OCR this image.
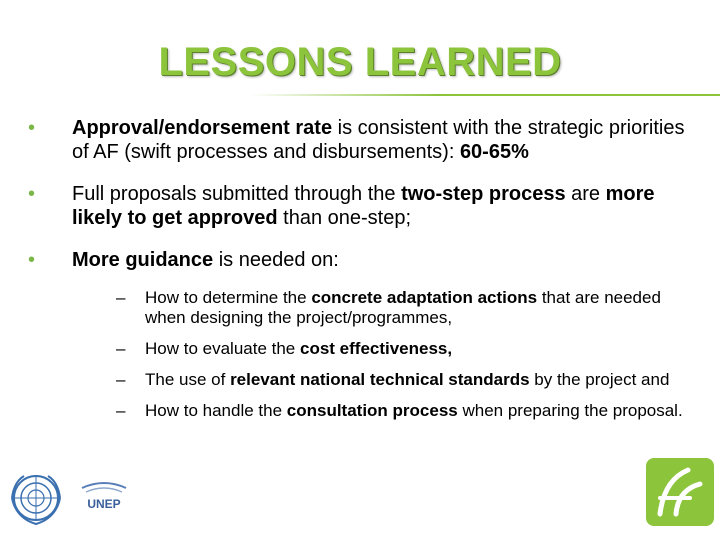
LESSONS LEARNED
• Approval/endorsement rate is consistent with the strategic priorities of AF (swift processes and disbursements): 60-65%
• Full proposals submitted through the two-step process are more likely to get approved than one-step;
• More guidance is needed on:
– How to determine the concrete adaptation actions that are needed when designing the project/programmes,
– How to evaluate the cost effectiveness,
– The use of relevant national technical standards by the project and
– How to handle the consultation process when preparing the proposal.
UNEP
